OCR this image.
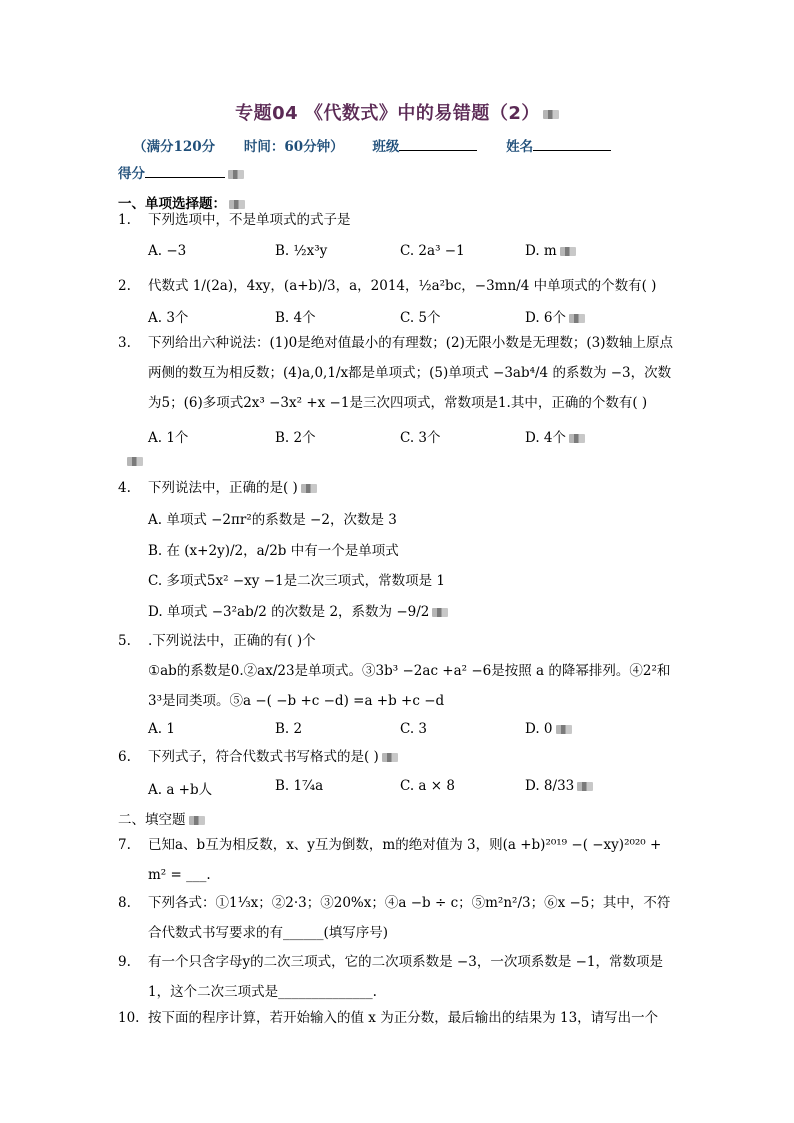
专题04 《代数式》中的易错题（2）
（满分120分 时间：60分钟） 班级	姓名
得分
一、单项选择题：
1.	下列选项中，不是单项式的式子是
A. −3	B. ½x³y	C. 2a³ −1	D. m
2.	代数式 1/(2a)，4xy，(a+b)/3，a，2014，½a²bc，−3mn/4 中单项式的个数有( )
A. 3个	B. 4个	C. 5个	D. 6个
3.	下列给出六种说法：(1)0是绝对值最小的有理数；(2)无限小数是无理数；(3)数轴上原点两侧的数互为相反数；(4)a,0,1/x都是单项式；(5)单项式 −3ab⁴/4 的系数为 −3，次数为5；(6)多项式2x³ −3x² +x −1是三次四项式，常数项是1.其中，正确的个数有( )
A. 1个	B. 2个	C. 3个	D. 4个
4.	下列说法中，正确的是( )
A. 单项式 −2πr²的系数是 −2，次数是 3
B. 在 (x+2y)/2，a/2b 中有一个是单项式
C. 多项式5x² −xy −1是二次三项式，常数项是 1
D. 单项式 −3²ab/2 的次数是 2，系数为 −9/2
5.	.下列说法中，正确的有( )个
①ab的系数是0.②ax/23是单项式。③3b³ −2ac +a² −6是按照 a 的降幂排列。④2²和3³是同类项。⑤a −( −b +c −d) =a +b +c −d
A. 1	B. 2	C. 3	D. 0
6.	下列式子，符合代数式书写格式的是( )
A. a +b人	B. 1⁷⁄₄a	C. a × 8	D. 8/33
二、填空题
7.	已知a、b互为相反数，x、y互为倒数，m的绝对值为 3，则(a +b)²⁰¹⁹ −( −xy)²⁰²⁰ + m² = ___.
8.	下列各式：①1⅓x；②2·3；③20%x；④a −b ÷ c；⑤m²n²/3；⑥x −5；其中，不符合代数式书写要求的有______(填写序号)
9.	有一个只含字母y的二次三项式，它的二次项系数是 −3，一次项系数是 −1，常数项是1，这个二次三项式是______________.
10. 按下面的程序计算，若开始输入的值 x 为正分数，最后输出的结果为 13，请写出一个
